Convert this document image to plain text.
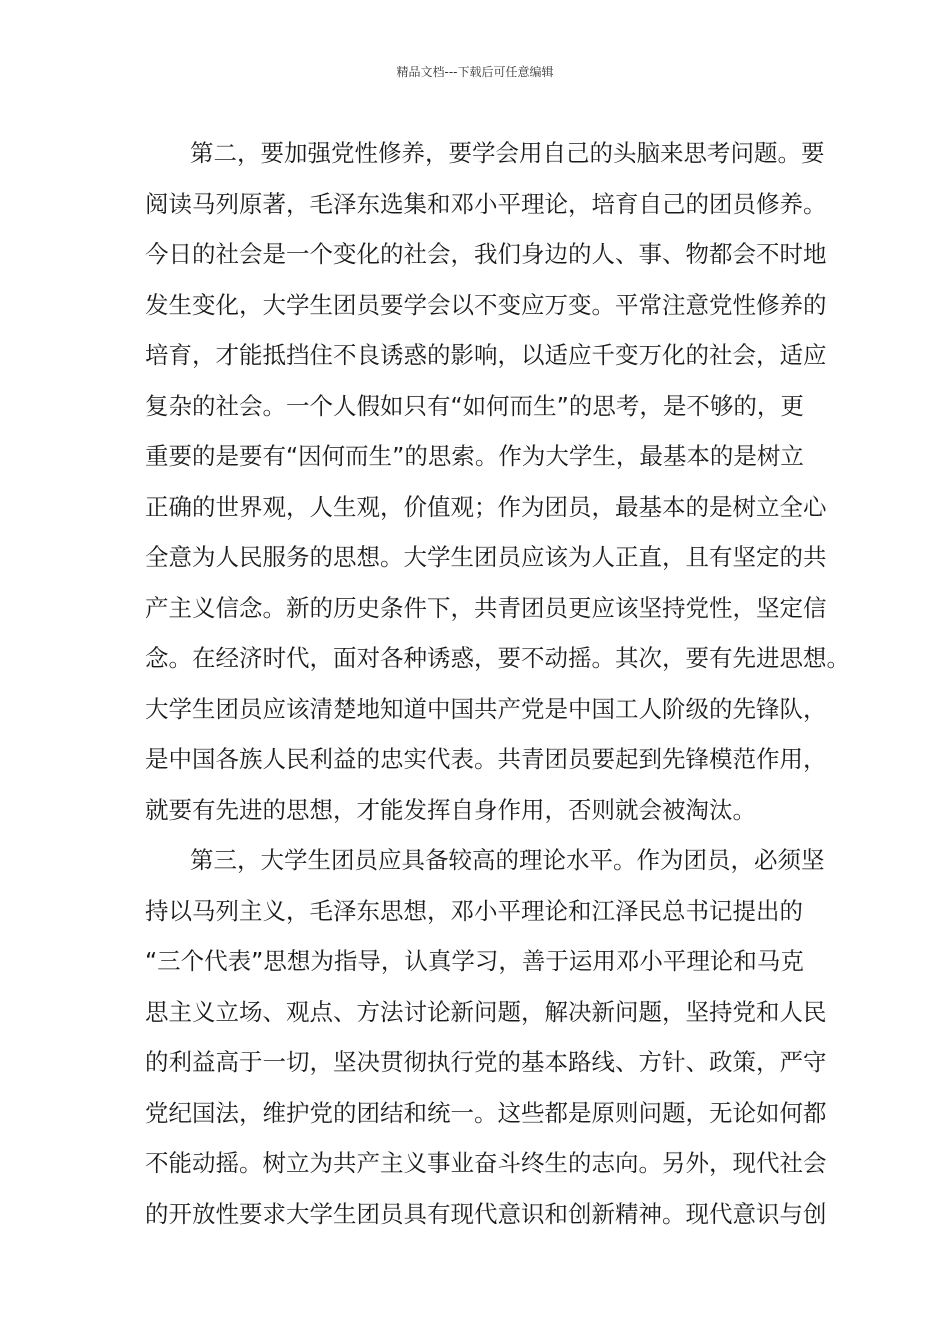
精品文档---下载后可任意编辑
第二，要加强党性修养，要学会用自己的头脑来思考问题。要
阅读马列原著，毛泽东选集和邓小平理论，培育自己的团员修养。
今日的社会是一个变化的社会，我们身边的人、事、物都会不时地
发生变化，大学生团员要学会以不变应万变。平常注意党性修养的
培育，才能抵挡住不良诱惑的影响，以适应千变万化的社会，适应
复杂的社会。一个人假如只有“如何而生”的思考，是不够的，更
重要的是要有“因何而生”的思索。作为大学生，最基本的是树立
正确的世界观，人生观，价值观；作为团员，最基本的是树立全心
全意为人民服务的思想。大学生团员应该为人正直，且有坚定的共
产主义信念。新的历史条件下，共青团员更应该坚持党性，坚定信
念。在经济时代，面对各种诱惑，要不动摇。其次，要有先进思想。
大学生团员应该清楚地知道中国共产党是中国工人阶级的先锋队，
是中国各族人民利益的忠实代表。共青团员要起到先锋模范作用，
就要有先进的思想，才能发挥自身作用，否则就会被淘汰。
第三，大学生团员应具备较高的理论水平。作为团员，必须坚
持以马列主义，毛泽东思想，邓小平理论和江泽民总书记提出的
“三个代表”思想为指导，认真学习，善于运用邓小平理论和马克
思主义立场、观点、方法讨论新问题，解决新问题，坚持党和人民
的利益高于一切，坚决贯彻执行党的基本路线、方针、政策，严守
党纪国法，维护党的团结和统一。这些都是原则问题，无论如何都
不能动摇。树立为共产主义事业奋斗终生的志向。另外，现代社会
的开放性要求大学生团员具有现代意识和创新精神。现代意识与创
